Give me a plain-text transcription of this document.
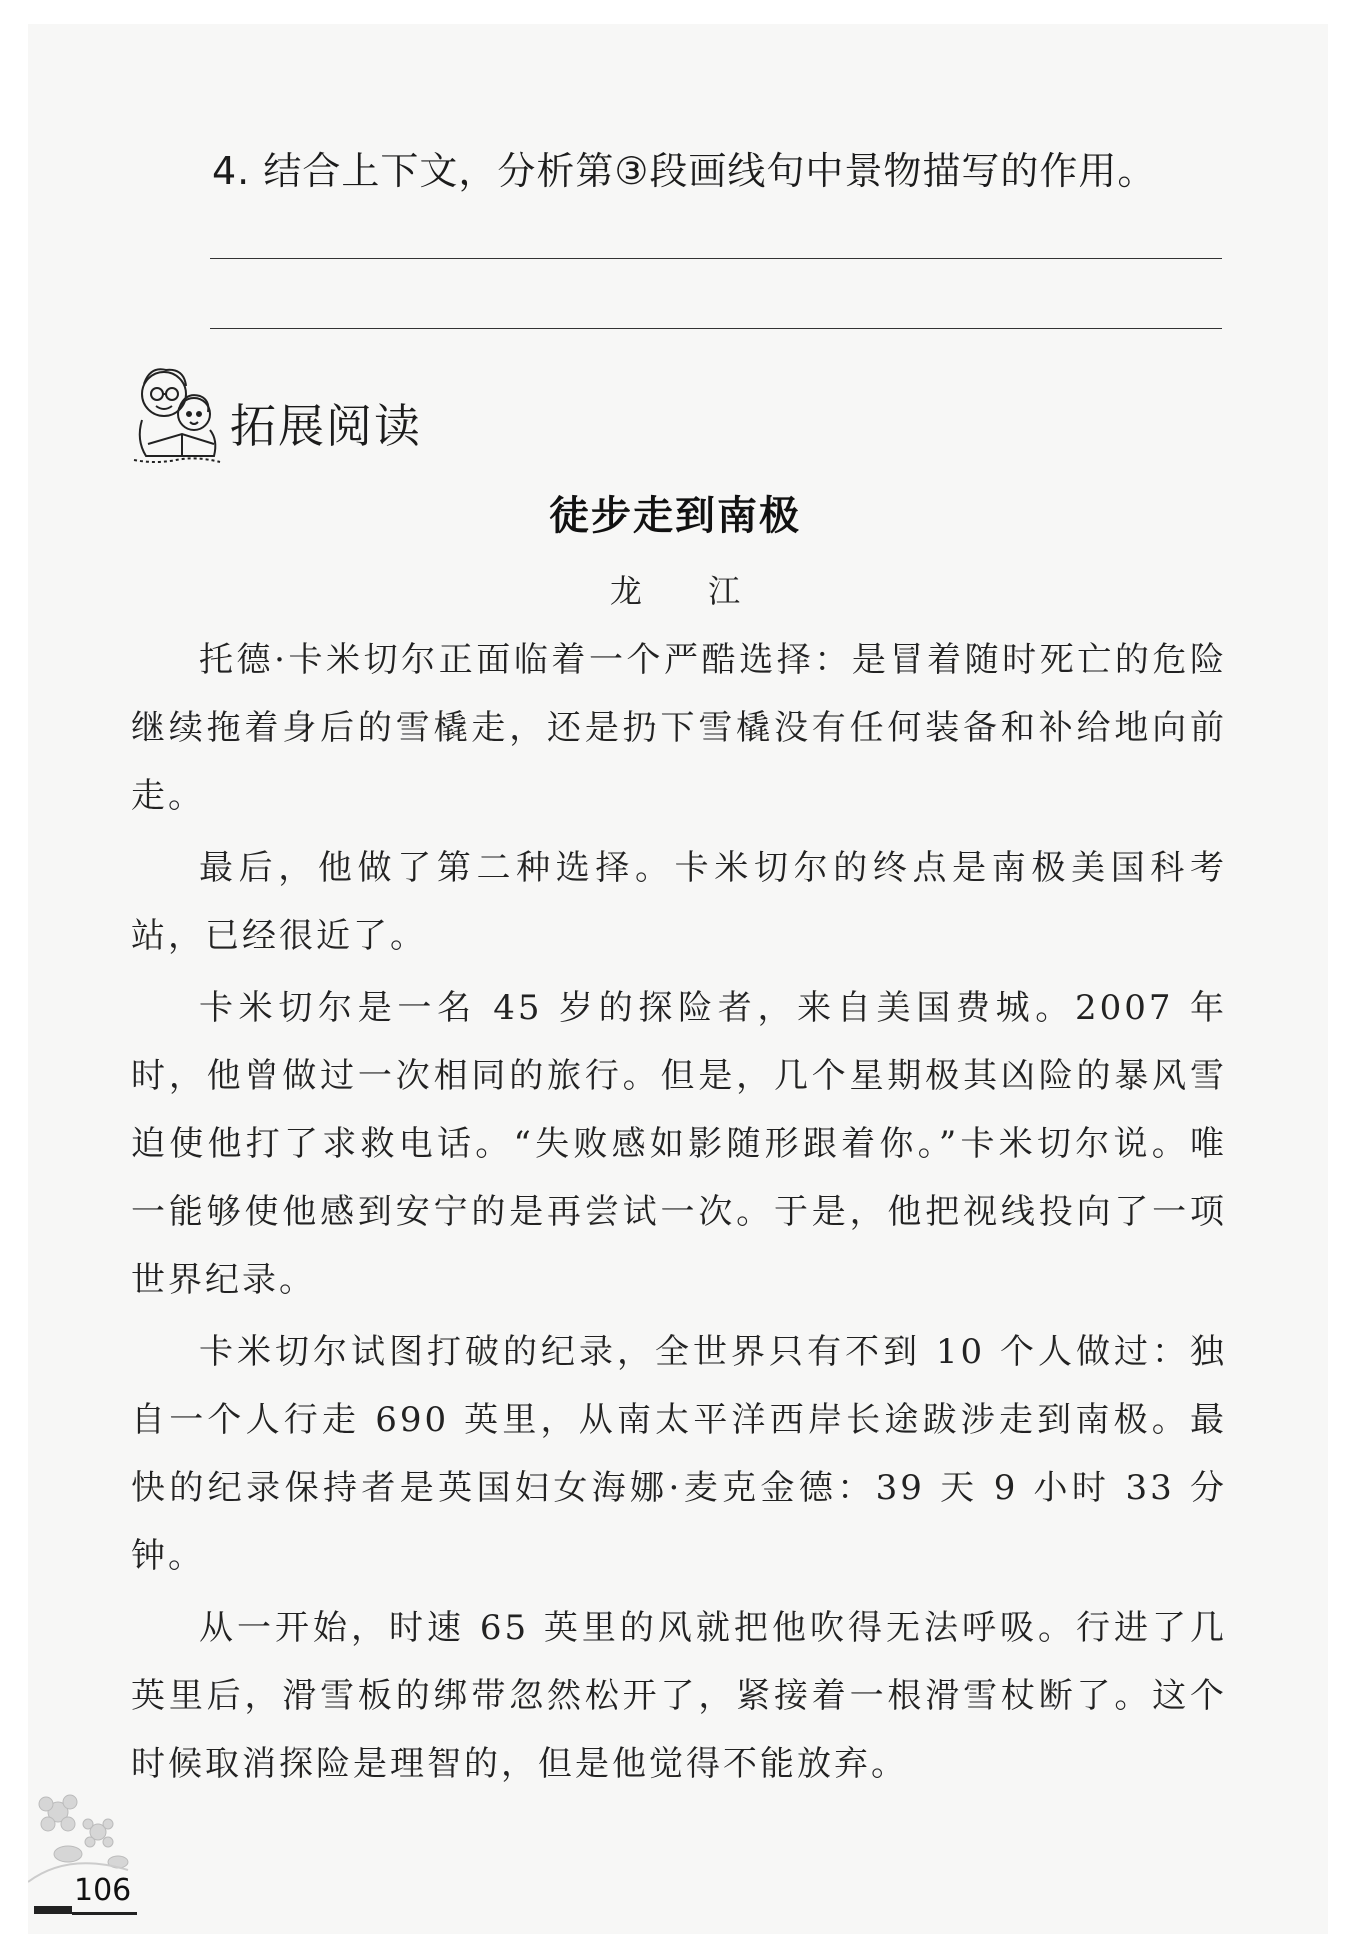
4. 结合上下文，分析第③段画线句中景物描写的作用。
拓展阅读
徒步走到南极
龙 江

托德·卡米切尔正面临着一个严酷选择：是冒着随时死亡的危险继续拖着身后的雪橇走，还是扔下雪橇没有任何装备和补给地向前走。

最后，他做了第二种选择。卡米切尔的终点是南极美国科考站，已经很近了。

卡米切尔是一名 45 岁的探险者，来自美国费城。2007 年时，他曾做过一次相同的旅行。但是，几个星期极其凶险的暴风雪迫使他打了求救电话。“失败感如影随形跟着你。”卡米切尔说。唯一能够使他感到安宁的是再尝试一次。于是，他把视线投向了一项世界纪录。

卡米切尔试图打破的纪录，全世界只有不到 10 个人做过：独自一个人行走 690 英里，从南太平洋西岸长途跋涉走到南极。最快的纪录保持者是英国妇女海娜·麦克金德：39 天 9 小时 33 分钟。

从一开始，时速 65 英里的风就把他吹得无法呼吸。行进了几英里后，滑雪板的绑带忽然松开了，紧接着一根滑雪杖断了。这个时候取消探险是理智的，但是他觉得不能放弃。

106
